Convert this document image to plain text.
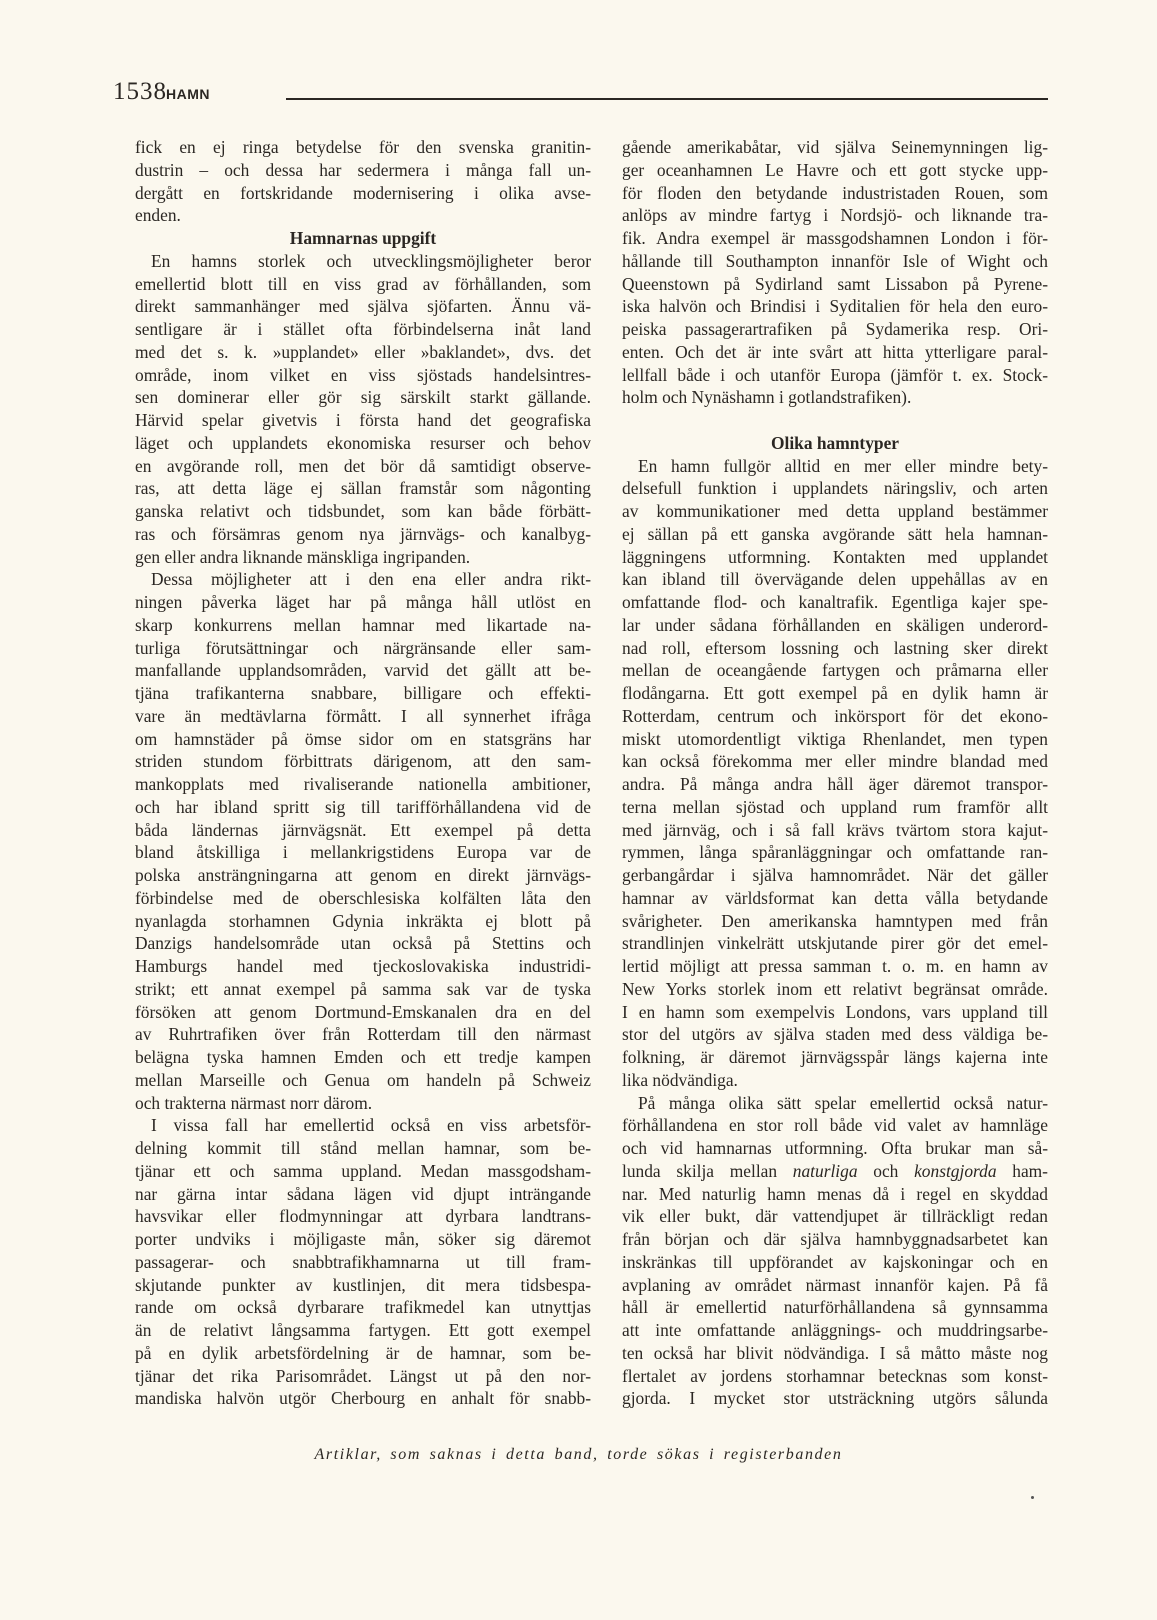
1538 HAMN
fick en ej ringa betydelse för den svenska granitin-
dustrin – och dessa har sedermera i många fall un-
dergått en fortskridande modernisering i olika avse-
enden.
Hamnarnas uppgift
En hamns storlek och utvecklingsmöjligheter beror
emellertid blott till en viss grad av förhållanden, som
direkt sammanhänger med själva sjöfarten. Ännu vä-
sentligare är i stället ofta förbindelserna inåt land
med det s. k. »upplandet» eller »baklandet», dvs. det
område, inom vilket en viss sjöstads handelsintres-
sen dominerar eller gör sig särskilt starkt gällande.
Härvid spelar givetvis i första hand det geografiska
läget och upplandets ekonomiska resurser och behov
en avgörande roll, men det bör då samtidigt observe-
ras, att detta läge ej sällan framstår som någonting
ganska relativt och tidsbundet, som kan både förbätt-
ras och försämras genom nya järnvägs- och kanalbyg-
gen eller andra liknande mänskliga ingripanden.
Dessa möjligheter att i den ena eller andra rikt-
ningen påverka läget har på många håll utlöst en
skarp konkurrens mellan hamnar med likartade na-
turliga förutsättningar och närgränsande eller sam-
manfallande upplandsområden, varvid det gällt att be-
tjäna trafikanterna snabbare, billigare och effekti-
vare än medtävlarna förmått. I all synnerhet ifråga
om hamnstäder på ömse sidor om en statsgräns har
striden stundom förbittrats därigenom, att den sam-
mankopplats med rivaliserande nationella ambitioner,
och har ibland spritt sig till tarifförhållandena vid de
båda ländernas järnvägsnät. Ett exempel på detta
bland åtskilliga i mellankrigstidens Europa var de
polska ansträngningarna att genom en direkt järnvägs-
förbindelse med de oberschlesiska kolfälten låta den
nyanlagda storhamnen Gdynia inkräkta ej blott på
Danzigs handelsområde utan också på Stettins och
Hamburgs handel med tjeckoslovakiska industridi-
strikt; ett annat exempel på samma sak var de tyska
försöken att genom Dortmund-Emskanalen dra en del
av Ruhrtrafiken över från Rotterdam till den närmast
belägna tyska hamnen Emden och ett tredje kampen
mellan Marseille och Genua om handeln på Schweiz
och trakterna närmast norr därom.
I vissa fall har emellertid också en viss arbetsför-
delning kommit till stånd mellan hamnar, som be-
tjänar ett och samma uppland. Medan massgodsham-
nar gärna intar sådana lägen vid djupt inträngande
havsvikar eller flodmynningar att dyrbara landtrans-
porter undviks i möjligaste mån, söker sig däremot
passagerar- och snabbtrafikhamnarna ut till fram-
skjutande punkter av kustlinjen, dit mera tidsbespa-
rande om också dyrbarare trafikmedel kan utnyttjas
än de relativt långsamma fartygen. Ett gott exempel
på en dylik arbetsfördelning är de hamnar, som be-
tjänar det rika Parisområdet. Längst ut på den nor-
mandiska halvön utgör Cherbourg en anhalt för snabb-
gående amerikabåtar, vid själva Seinemynningen lig-
ger oceanhamnen Le Havre och ett gott stycke upp-
för floden den betydande industristaden Rouen, som
anlöps av mindre fartyg i Nordsjö- och liknande tra-
fik. Andra exempel är massgodshamnen London i för-
hållande till Southampton innanför Isle of Wight och
Queenstown på Sydirland samt Lissabon på Pyrene-
iska halvön och Brindisi i Syditalien för hela den euro-
peiska passagerartrafiken på Sydamerika resp. Ori-
enten. Och det är inte svårt att hitta ytterligare paral-
lellfall både i och utanför Europa (jämför t. ex. Stock-
holm och Nynäshamn i gotlandstrafiken).
Olika hamntyper
En hamn fullgör alltid en mer eller mindre bety-
delsefull funktion i upplandets näringsliv, och arten
av kommunikationer med detta uppland bestämmer
ej sällan på ett ganska avgörande sätt hela hamnan-
läggningens utformning. Kontakten med upplandet
kan ibland till övervägande delen uppehållas av en
omfattande flod- och kanaltrafik. Egentliga kajer spe-
lar under sådana förhållanden en skäligen underord-
nad roll, eftersom lossning och lastning sker direkt
mellan de oceangående fartygen och pråmarna eller
flodångarna. Ett gott exempel på en dylik hamn är
Rotterdam, centrum och inkörsport för det ekono-
miskt utomordentligt viktiga Rhenlandet, men typen
kan också förekomma mer eller mindre blandad med
andra. På många andra håll äger däremot transpor-
terna mellan sjöstad och uppland rum framför allt
med järnväg, och i så fall krävs tvärtom stora kajut-
rymmen, långa spåranläggningar och omfattande ran-
gerbangårdar i själva hamnområdet. När det gäller
hamnar av världsformat kan detta vålla betydande
svårigheter. Den amerikanska hamntypen med från
strandlinjen vinkelrätt utskjutande pirer gör det emel-
lertid möjligt att pressa samman t. o. m. en hamn av
New Yorks storlek inom ett relativt begränsat område.
I en hamn som exempelvis Londons, vars uppland till
stor del utgörs av själva staden med dess väldiga be-
folkning, är däremot järnvägsspår längs kajerna inte
lika nödvändiga.
På många olika sätt spelar emellertid också natur-
förhållandena en stor roll både vid valet av hamnläge
och vid hamnarnas utformning. Ofta brukar man så-
lunda skilja mellan naturliga och konstgjorda ham-
nar. Med naturlig hamn menas då i regel en skyddad
vik eller bukt, där vattendjupet är tillräckligt redan
från början och där själva hamnbyggnadsarbetet kan
inskränkas till uppförandet av kajskoningar och en
avplaning av området närmast innanför kajen. På få
håll är emellertid naturförhållandena så gynnsamma
att inte omfattande anläggnings- och muddringsarbe-
ten också har blivit nödvändiga. I så måtto måste nog
flertalet av jordens storhamnar betecknas som konst-
gjorda. I mycket stor utsträckning utgörs sålunda
Artiklar, som saknas i detta band, torde sökas i registerbanden
